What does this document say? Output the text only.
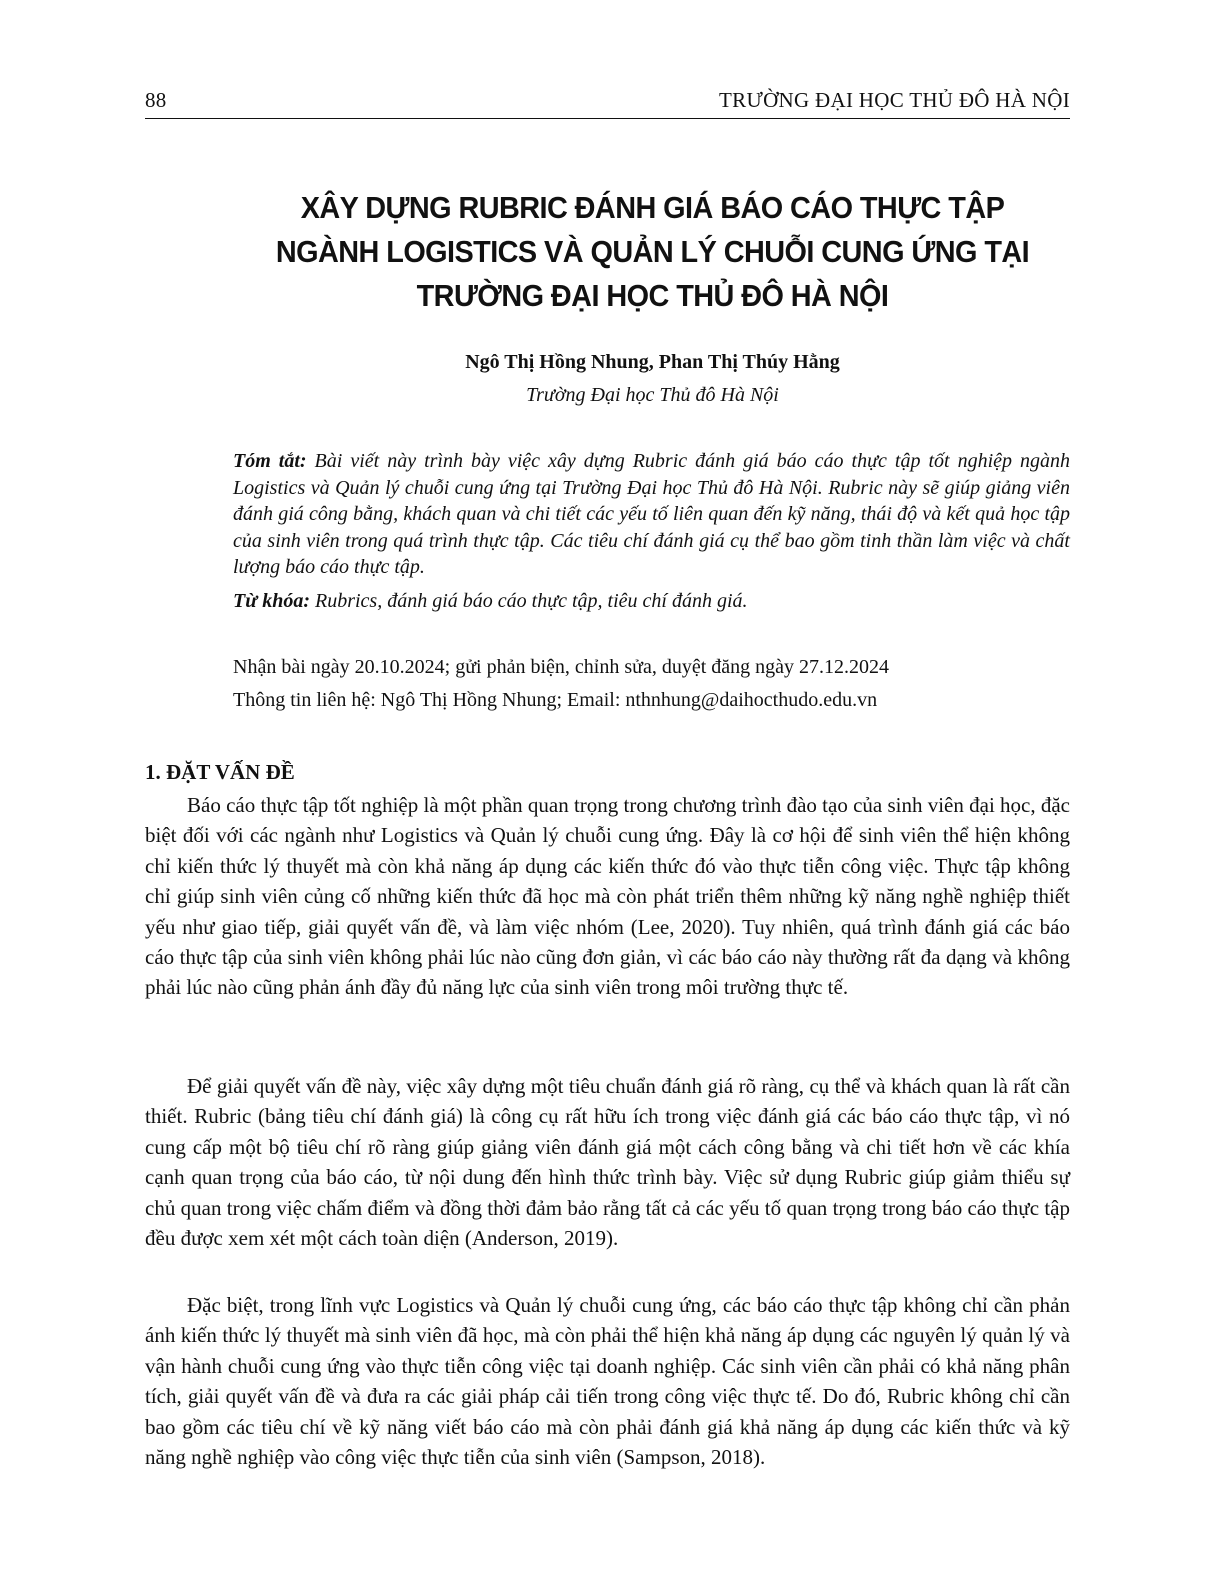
88	TRƯỜNG ĐẠI HỌC THỦ ĐÔ HÀ NỘI
XÂY DỰNG RUBRIC ĐÁNH GIÁ BÁO CÁO THỰC TẬP
NGÀNH LOGISTICS VÀ QUẢN LÝ CHUỖI CUNG ỨNG TẠI
TRƯỜNG ĐẠI HỌC THỦ ĐÔ HÀ NỘI
Ngô Thị Hồng Nhung, Phan Thị Thúy Hằng
Trường Đại học Thủ đô Hà Nội
Tóm tắt: Bài viết này trình bày việc xây dựng Rubric đánh giá báo cáo thực tập tốt nghiệp ngành Logistics và Quản lý chuỗi cung ứng tại Trường Đại học Thủ đô Hà Nội. Rubric này sẽ giúp giảng viên đánh giá công bằng, khách quan và chi tiết các yếu tố liên quan đến kỹ năng, thái độ và kết quả học tập của sinh viên trong quá trình thực tập. Các tiêu chí đánh giá cụ thể bao gồm tinh thần làm việc và chất lượng báo cáo thực tập.
Từ khóa: Rubrics, đánh giá báo cáo thực tập, tiêu chí đánh giá.
Nhận bài ngày 20.10.2024; gửi phản biện, chỉnh sửa, duyệt đăng ngày 27.12.2024
Thông tin liên hệ: Ngô Thị Hồng Nhung; Email: nthnhung@daihocthudo.edu.vn
1. ĐẶT VẤN ĐỀ

Báo cáo thực tập tốt nghiệp là một phần quan trọng trong chương trình đào tạo của sinh viên đại học, đặc biệt đối với các ngành như Logistics và Quản lý chuỗi cung ứng. Đây là cơ hội để sinh viên thể hiện không chỉ kiến thức lý thuyết mà còn khả năng áp dụng các kiến thức đó vào thực tiễn công việc. Thực tập không chỉ giúp sinh viên củng cố những kiến thức đã học mà còn phát triển thêm những kỹ năng nghề nghiệp thiết yếu như giao tiếp, giải quyết vấn đề, và làm việc nhóm (Lee, 2020). Tuy nhiên, quá trình đánh giá các báo cáo thực tập của sinh viên không phải lúc nào cũng đơn giản, vì các báo cáo này thường rất đa dạng và không phải lúc nào cũng phản ánh đầy đủ năng lực của sinh viên trong môi trường thực tế.

Để giải quyết vấn đề này, việc xây dựng một tiêu chuẩn đánh giá rõ ràng, cụ thể và khách quan là rất cần thiết. Rubric (bảng tiêu chí đánh giá) là công cụ rất hữu ích trong việc đánh giá các báo cáo thực tập, vì nó cung cấp một bộ tiêu chí rõ ràng giúp giảng viên đánh giá một cách công bằng và chi tiết hơn về các khía cạnh quan trọng của báo cáo, từ nội dung đến hình thức trình bày. Việc sử dụng Rubric giúp giảm thiểu sự chủ quan trong việc chấm điểm và đồng thời đảm bảo rằng tất cả các yếu tố quan trọng trong báo cáo thực tập đều được xem xét một cách toàn diện (Anderson, 2019).

Đặc biệt, trong lĩnh vực Logistics và Quản lý chuỗi cung ứng, các báo cáo thực tập không chỉ cần phản ánh kiến thức lý thuyết mà sinh viên đã học, mà còn phải thể hiện khả năng áp dụng các nguyên lý quản lý và vận hành chuỗi cung ứng vào thực tiễn công việc tại doanh nghiệp. Các sinh viên cần phải có khả năng phân tích, giải quyết vấn đề và đưa ra các giải pháp cải tiến trong công việc thực tế. Do đó, Rubric không chỉ cần bao gồm các tiêu chí về kỹ năng viết báo cáo mà còn phải đánh giá khả năng áp dụng các kiến thức và kỹ năng nghề nghiệp vào công việc thực tiễn của sinh viên (Sampson, 2018).
